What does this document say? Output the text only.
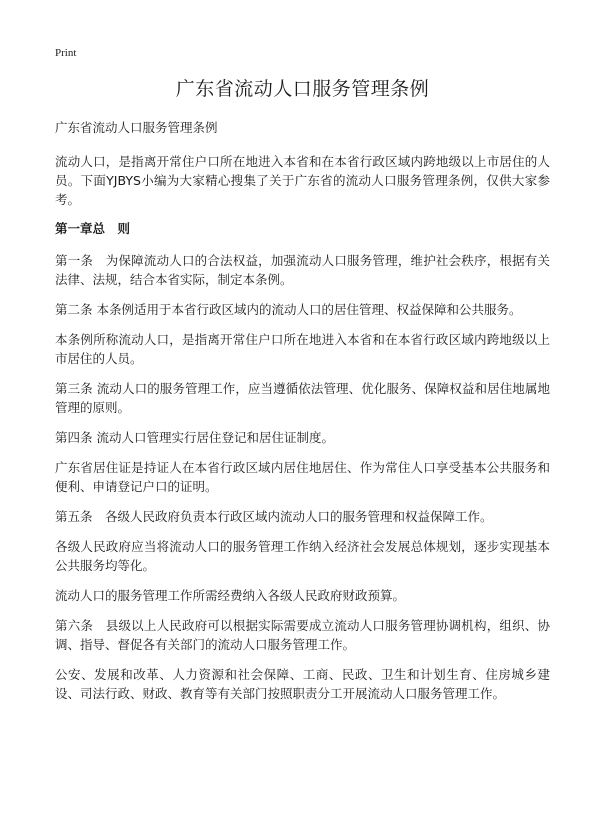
Print
广东省流动人口服务管理条例

广东省流动人口服务管理条例

流动人口，是指离开常住户口所在地进入本省和在本省行政区域内跨地级以上市居住的人员。下面YJBYS小编为大家精心搜集了关于广东省的流动人口服务管理条例，仅供大家参考。

第一章总　则

第一条　为保障流动人口的合法权益，加强流动人口服务管理，维护社会秩序，根据有关法律、法规，结合本省实际，制定本条例。

第二条 本条例适用于本省行政区域内的流动人口的居住管理、权益保障和公共服务。

本条例所称流动人口，是指离开常住户口所在地进入本省和在本省行政区域内跨地级以上市居住的人员。

第三条 流动人口的服务管理工作，应当遵循依法管理、优化服务、保障权益和居住地属地管理的原则。

第四条 流动人口管理实行居住登记和居住证制度。

广东省居住证是持证人在本省行政区域内居住地居住、作为常住人口享受基本公共服务和便利、申请登记户口的证明。

第五条　各级人民政府负责本行政区域内流动人口的服务管理和权益保障工作。

各级人民政府应当将流动人口的服务管理工作纳入经济社会发展总体规划，逐步实现基本公共服务均等化。

流动人口的服务管理工作所需经费纳入各级人民政府财政预算。

第六条　县级以上人民政府可以根据实际需要成立流动人口服务管理协调机构，组织、协调、指导、督促各有关部门的流动人口服务管理工作。

公安、发展和改革、人力资源和社会保障、工商、民政、卫生和计划生育、住房城乡建设、司法行政、财政、教育等有关部门按照职责分工开展流动人口服务管理工作。
